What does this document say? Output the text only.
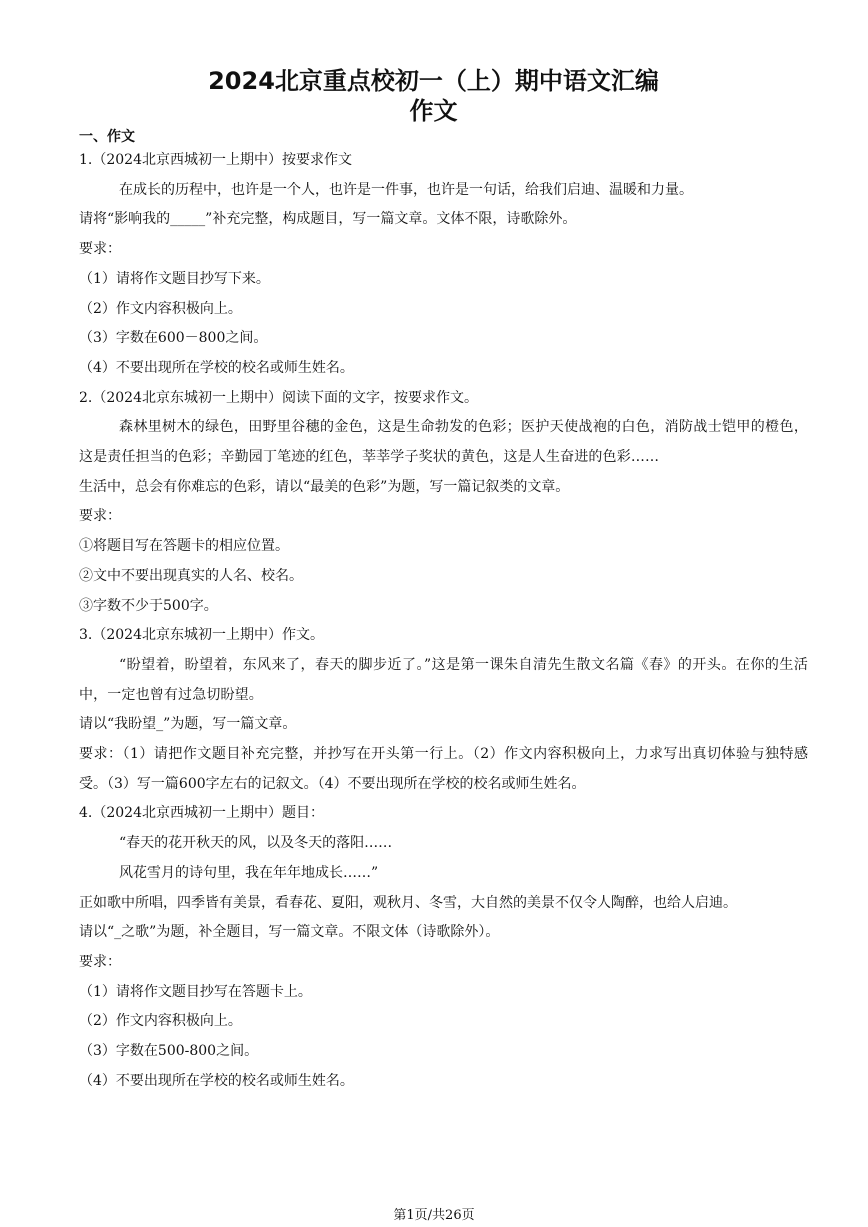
2024北京重点校初一（上）期中语文汇编
作文
一、作文
1.（2024北京西城初一上期中）按要求作文
在成长的历程中，也许是一个人，也许是一件事，也许是一句话，给我们启迪、温暖和力量。
请将“影响我的_____”补充完整，构成题目，写一篇文章。文体不限，诗歌除外。
要求：
（1）请将作文题目抄写下来。
（2）作文内容积极向上。
（3）字数在600－800之间。
（4）不要出现所在学校的校名或师生姓名。
2.（2024北京东城初一上期中）阅读下面的文字，按要求作文。
森林里树木的绿色，田野里谷穗的金色，这是生命勃发的色彩；医护天使战袍的白色，消防战士铠甲的橙色，这是责任担当的色彩；辛勤园丁笔迹的红色，莘莘学子奖状的黄色，这是人生奋进的色彩……
生活中，总会有你难忘的色彩，请以“最美的色彩”为题，写一篇记叙类的文章。
要求：
①将题目写在答题卡的相应位置。
②文中不要出现真实的人名、校名。
③字数不少于500字。
3.（2024北京东城初一上期中）作文。
“盼望着，盼望着，东风来了，春天的脚步近了。”这是第一课朱自清先生散文名篇《春》的开头。在你的生活中，一定也曾有过急切盼望。
请以“我盼望_”为题，写一篇文章。
要求：（1）请把作文题目补充完整，并抄写在开头第一行上。（2）作文内容积极向上，力求写出真切体验与独特感受。（3）写一篇600字左右的记叙文。（4）不要出现所在学校的校名或师生姓名。
4.（2024北京西城初一上期中）题目：
“春天的花开秋天的风，以及冬天的落阳……
风花雪月的诗句里，我在年年地成长……”
正如歌中所唱，四季皆有美景，看春花、夏阳，观秋月、冬雪，大自然的美景不仅令人陶醉，也给人启迪。
请以“_之歌”为题，补全题目，写一篇文章。不限文体（诗歌除外）。
要求：
（1）请将作文题目抄写在答题卡上。
（2）作文内容积极向上。
（3）字数在500-800之间。
（4）不要出现所在学校的校名或师生姓名。
第1页/共26页
